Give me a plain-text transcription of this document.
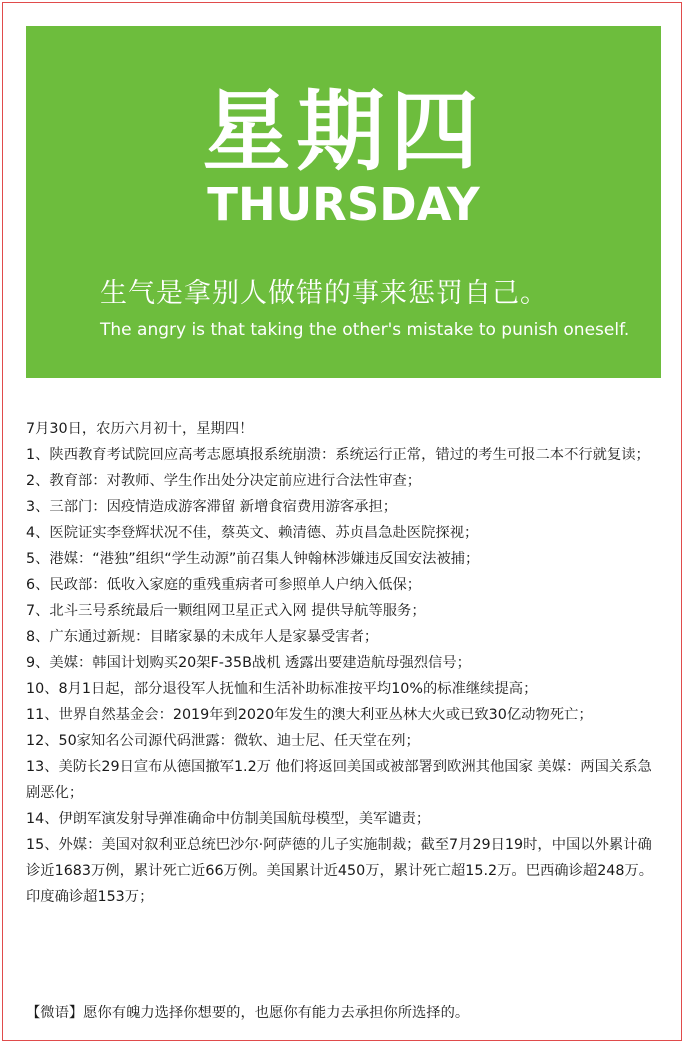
星期四
THURSDAY
生气是拿别人做错的事来惩罚自己。
The angry is that taking the other's mistake to punish oneself.

7月30日，农历六月初十，星期四！

1、陕西教育考试院回应高考志愿填报系统崩溃：系统运行正常，错过的考生可报二本不行就复读；

2、教育部：对教师、学生作出处分决定前应进行合法性审查；

3、三部门：因疫情造成游客滞留 新增食宿费用游客承担；

4、医院证实李登辉状况不佳，蔡英文、赖清德、苏贞昌急赴医院探视；

5、港媒：“港独”组织“学生动源”前召集人钟翰林涉嫌违反国安法被捕；

6、民政部：低收入家庭的重残重病者可参照单人户纳入低保；

7、北斗三号系统最后一颗组网卫星正式入网 提供导航等服务；

8、广东通过新规：目睹家暴的未成年人是家暴受害者；

9、美媒：韩国计划购买20架F-35B战机 透露出要建造航母强烈信号；

10、8月1日起，部分退役军人抚恤和生活补助标准按平均10%的标准继续提高；

11、世界自然基金会：2019年到2020年发生的澳大利亚丛林大火或已致30亿动物死亡；

12、50家知名公司源代码泄露：微软、迪士尼、任天堂在列；

13、美防长29日宣布从德国撤军1.2万 他们将返回美国或被部署到欧洲其他国家 美媒：两国关系急剧恶化；

14、伊朗军演发射导弹准确命中仿制美国航母模型，美军谴责；

15、外媒：美国对叙利亚总统巴沙尔·阿萨德的儿子实施制裁；截至7月29日19时，中国以外累计确诊近1683万例，累计死亡近66万例。美国累计近450万，累计死亡超15.2万。巴西确诊超248万。印度确诊超153万；

【微语】愿你有魄力选择你想要的，也愿你有能力去承担你所选择的。
